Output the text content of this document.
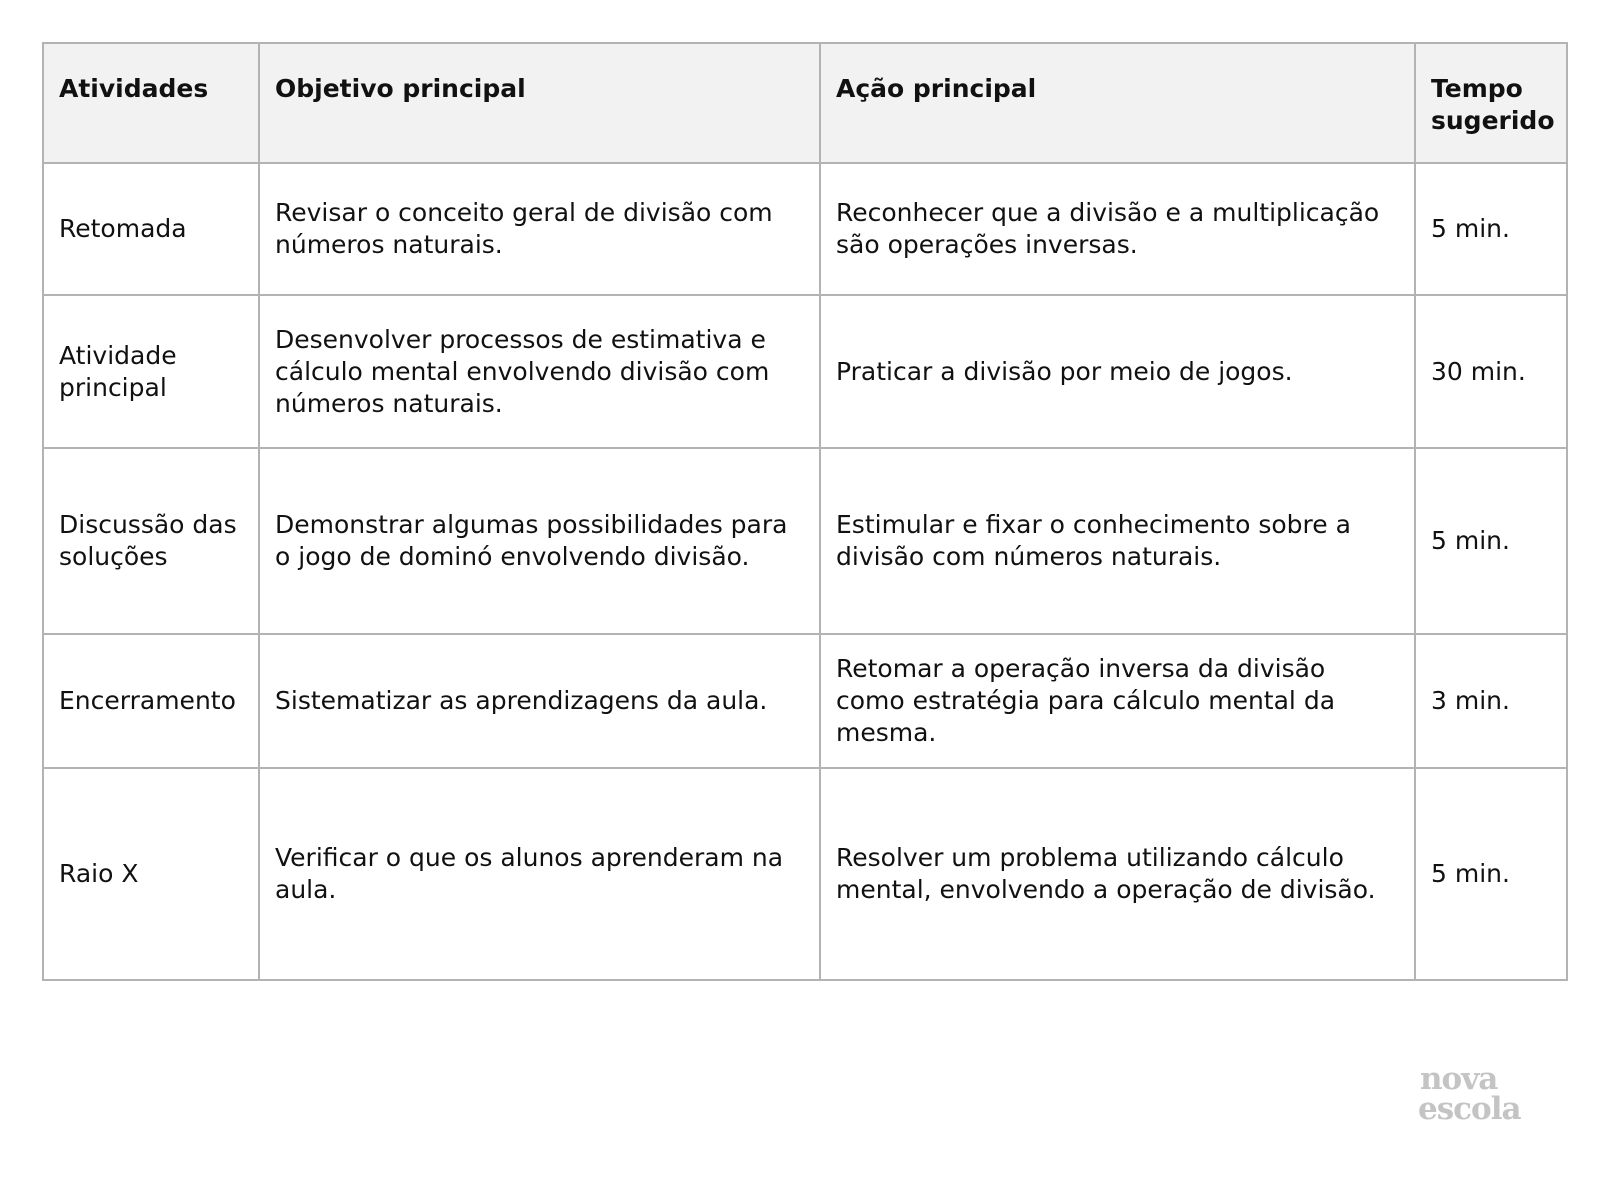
Atividades	Objetivo principal	Ação principal	Tempo sugerido
Retomada	Revisar o conceito geral de divisão com números naturais.	Reconhecer que a divisão e a multiplicação são operações inversas.	5 min.
Atividade principal	Desenvolver processos de estimativa e cálculo mental envolvendo divisão com números naturais.	Praticar a divisão por meio de jogos.	30 min.
Discussão das soluções	Demonstrar algumas possibilidades para o jogo de dominó envolvendo divisão.	Estimular e fixar o conhecimento sobre a divisão com números naturais.	5 min.
Encerramento	Sistematizar as aprendizagens da aula.	Retomar a operação inversa da divisão como estratégia para cálculo mental da mesma.	3 min.
Raio X	Verificar o que os alunos aprenderam na aula.	Resolver um problema utilizando cálculo mental, envolvendo a operação de divisão.	5 min.
nova
escola
